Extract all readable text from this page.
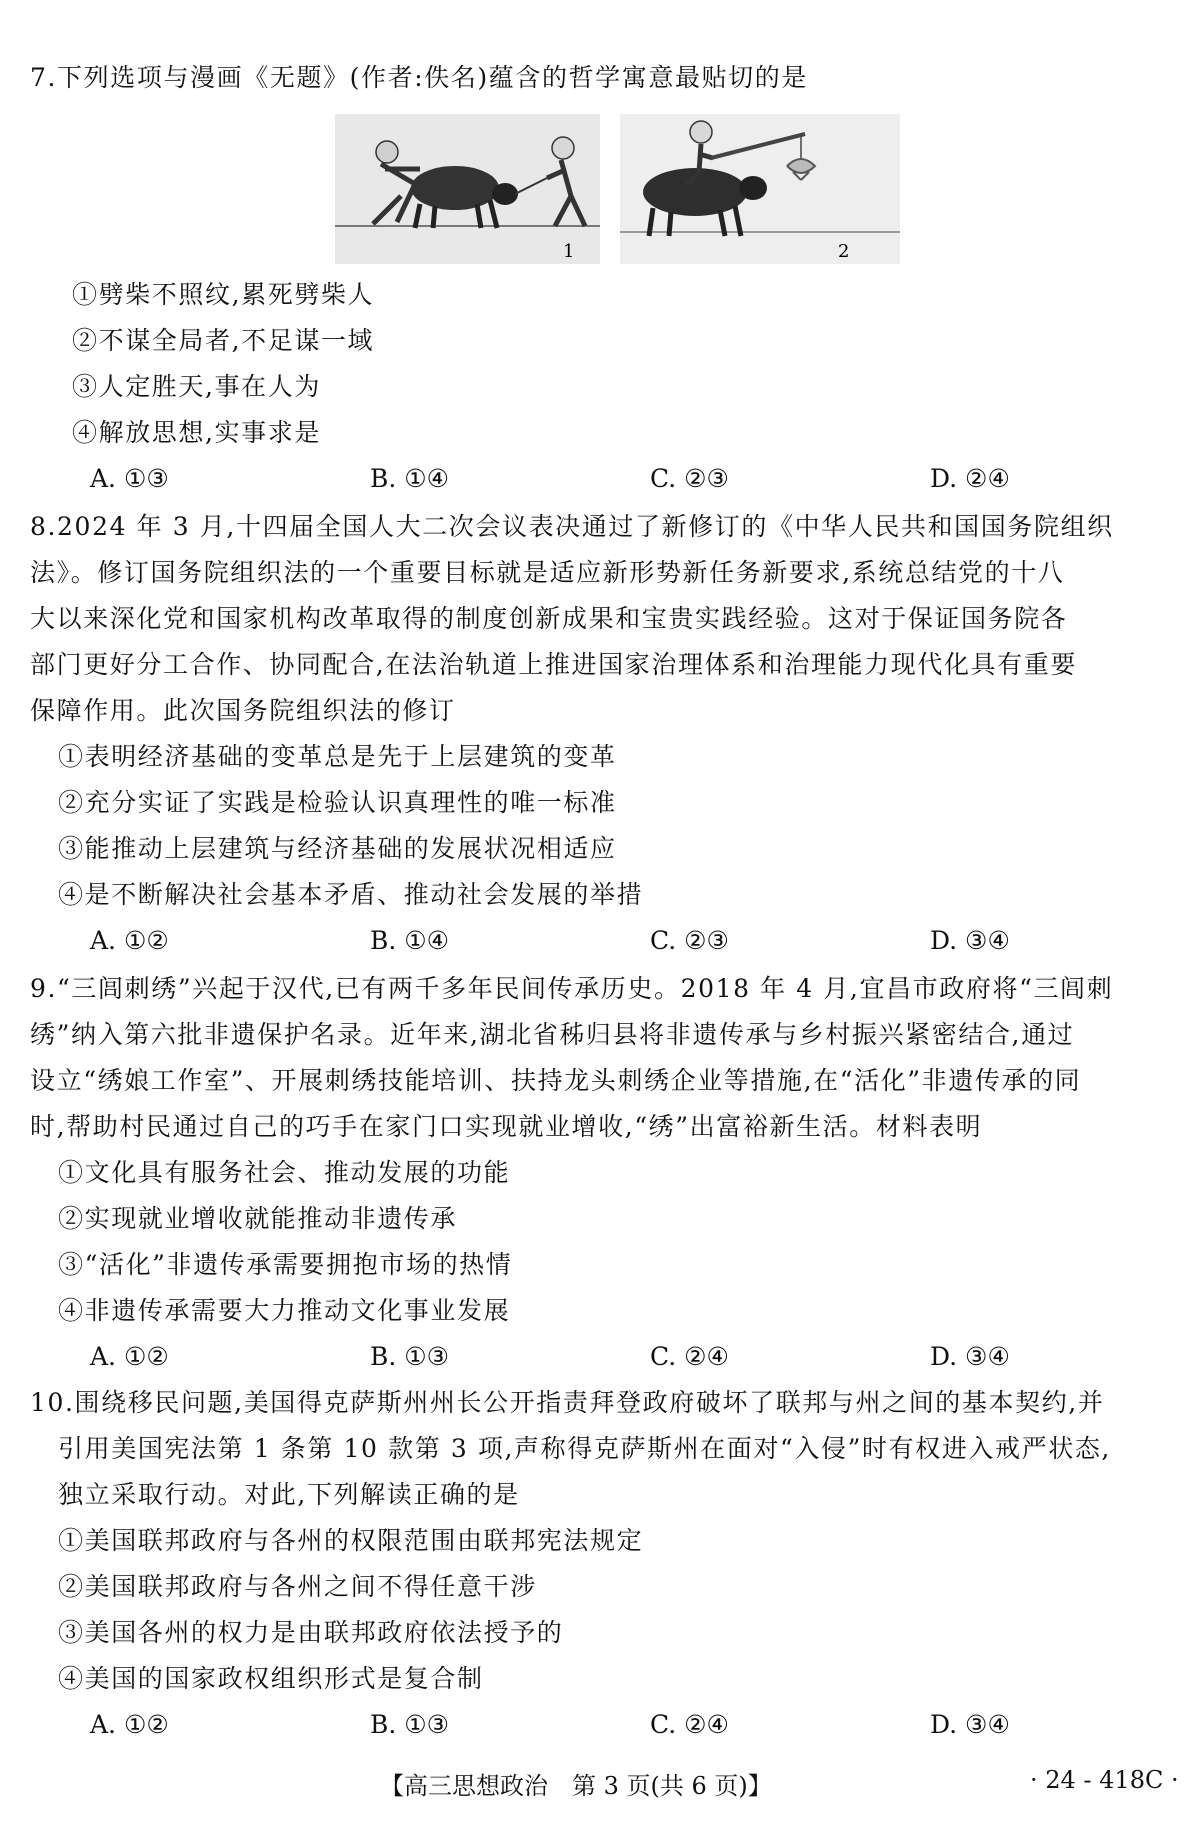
7.下列选项与漫画《无题》(作者:佚名)蕴含的哲学寓意最贴切的是
1	2
①劈柴不照纹,累死劈柴人
②不谋全局者,不足谋一域
③人定胜天,事在人为
④解放思想,实事求是
A. ①③	B. ①④	C. ②③	D. ②④
8.2024 年 3 月,十四届全国人大二次会议表决通过了新修订的《中华人民共和国国务院组织
法》。修订国务院组织法的一个重要目标就是适应新形势新任务新要求,系统总结党的十八
大以来深化党和国家机构改革取得的制度创新成果和宝贵实践经验。这对于保证国务院各
部门更好分工合作、协同配合,在法治轨道上推进国家治理体系和治理能力现代化具有重要
保障作用。此次国务院组织法的修订
①表明经济基础的变革总是先于上层建筑的变革
②充分实证了实践是检验认识真理性的唯一标准
③能推动上层建筑与经济基础的发展状况相适应
④是不断解决社会基本矛盾、推动社会发展的举措
A. ①②	B. ①④	C. ②③	D. ③④
9.“三闾刺绣”兴起于汉代,已有两千多年民间传承历史。2018 年 4 月,宜昌市政府将“三闾刺
绣”纳入第六批非遗保护名录。近年来,湖北省秭归县将非遗传承与乡村振兴紧密结合,通过
设立“绣娘工作室”、开展刺绣技能培训、扶持龙头刺绣企业等措施,在“活化”非遗传承的同
时,帮助村民通过自己的巧手在家门口实现就业增收,“绣”出富裕新生活。材料表明
①文化具有服务社会、推动发展的功能
②实现就业增收就能推动非遗传承
③“活化”非遗传承需要拥抱市场的热情
④非遗传承需要大力推动文化事业发展
A. ①②	B. ①③	C. ②④	D. ③④
10.围绕移民问题,美国得克萨斯州州长公开指责拜登政府破坏了联邦与州之间的基本契约,并
引用美国宪法第 1 条第 10 款第 3 项,声称得克萨斯州在面对“入侵”时有权进入戒严状态,
独立采取行动。对此,下列解读正确的是
①美国联邦政府与各州的权限范围由联邦宪法规定
②美国联邦政府与各州之间不得任意干涉
③美国各州的权力是由联邦政府依法授予的
④美国的国家政权组织形式是复合制
A. ①②	B. ①③	C. ②④	D. ③④
【高三思想政治　第 3 页(共 6 页)】	· 24 - 418C ·
